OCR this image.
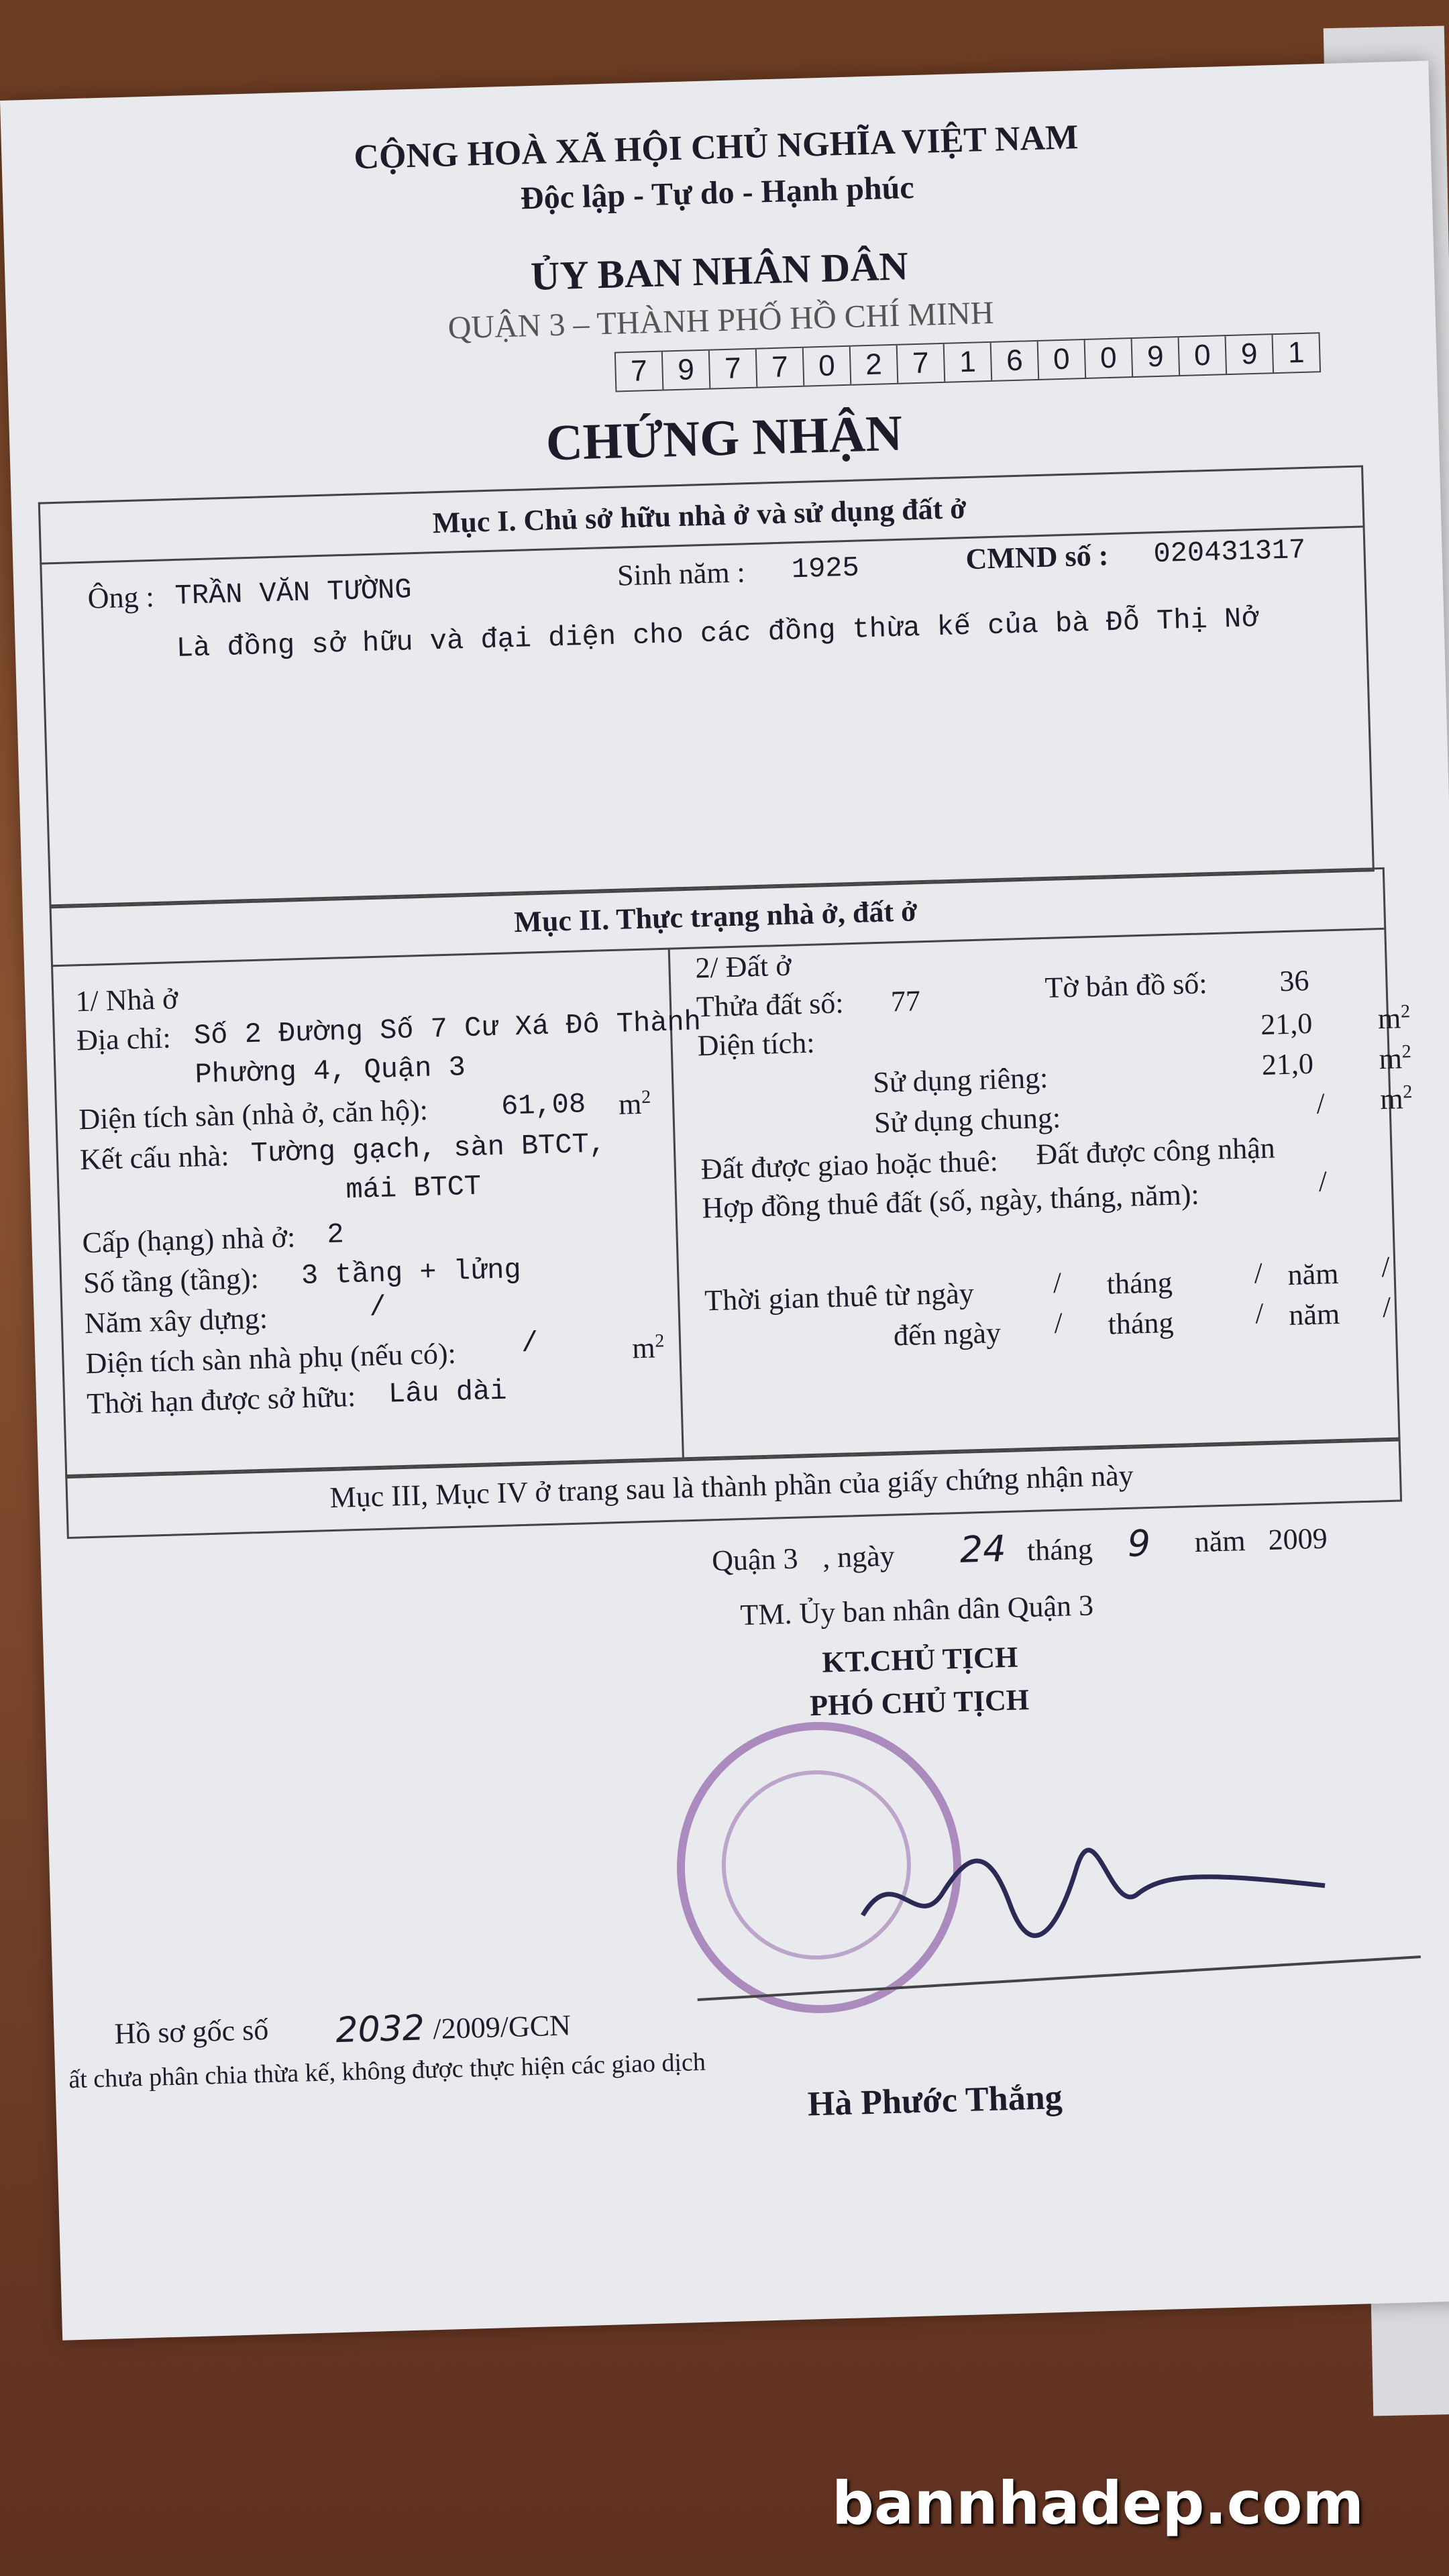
CỘNG HOÀ XÃ HỘI CHỦ NGHĨA VIỆT NAM
Độc lập - Tự do - Hạnh phúc
ỦY BAN NHÂN DÂN
QUẬN 3 – THÀNH PHỐ HỒ CHÍ MINH
7	9	7	7	0	2	7	1	6	0	0	9	0	9	1
CHỨNG NHẬN
Mục I. Chủ sở hữu nhà ở và sử dụng đất ở
Ông : TRẦN VĂN TƯỜNG	Sinh năm : 1925	CMND số : 020431317
Là đồng sở hữu và đại diện cho các đồng thừa kế của bà Đỗ Thị Nở
Mục II. Thực trạng nhà ở, đất ở
1/ Nhà ở
Địa chỉ: Số 2 Đường Số 7 Cư Xá Đô Thành
Phường 4, Quận 3
Diện tích sàn (nhà ở, căn hộ):	61,08 $m^2$
Kết cấu nhà: Tường gạch, sàn BTCT,
mái BTCT
Cấp (hạng) nhà ở: 2
Số tầng (tầng): 3 tầng + lửng
Năm xây dựng:	/
Diện tích sàn nhà phụ (nếu có): /	$m^2$
Thời hạn được sở hữu: Lâu dài
2/ Đất ở
Thửa đất số: 77	Tờ bản đồ số: 36
Diện tích:
21,0 $m^2$
Sử dụng riêng:	21,0 $m^2$
Sử dụng chung:	/ $m^2$
Đất được giao hoặc thuê: Đất được công nhận
Hợp đồng thuê đất (số, ngày, tháng, năm):	/
Thời gian thuê từ ngày	/ tháng	/ năm /
đến ngày / tháng	/ năm /
Mục III, Mục IV ở trang sau là thành phần của giấy chứng nhận này
Quận 3 , ngày 24 tháng 9 năm 2009
TM. Ủy ban nhân dân Quận 3
KT.CHỦ TỊCH
PHÓ CHỦ TỊCH
Hồ sơ gốc số 2032 /2009/GCN
ất chưa phân chia thừa kế, không được thực hiện các giao dịch
Hà Phước Thắng
bannhadep.com
